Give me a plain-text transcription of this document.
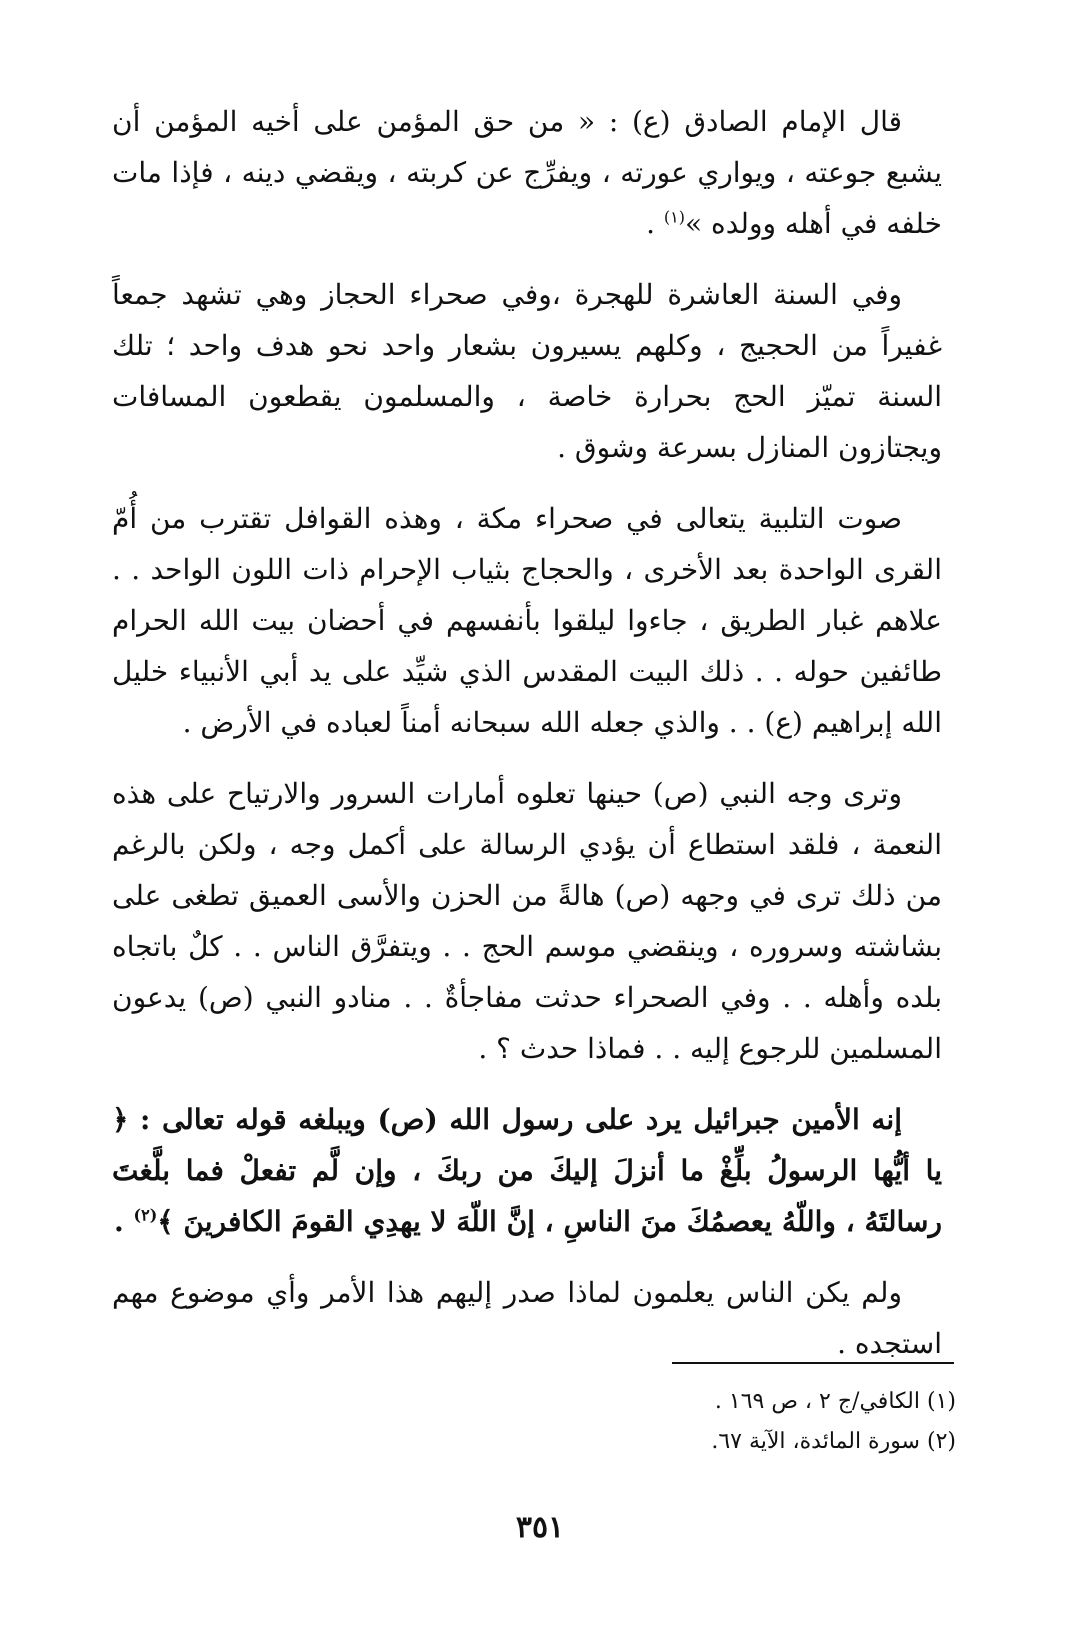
قال الإمام الصادق (ع) : « من حق المؤمن على أخيه المؤمن أن يشبع جوعته ، ويواري عورته ، ويفرِّج عن كربته ، ويقضي دينه ، فإذا مات خلفه في أهله وولده »$^{(١)}$ .

وفي السنة العاشرة للهجرة ،وفي صحراء الحجاز وهي تشهد جمعاً غفيراً من الحجيج ، وكلهم يسيرون بشعار واحد نحو هدف واحد ؛ تلك السنة تميّز الحج بحرارة خاصة ، والمسلمون يقطعون المسافات ويجتازون المنازل بسرعة وشوق .

صوت التلبية يتعالى في صحراء مكة ، وهذه القوافل تقترب من أُمّ القرى الواحدة بعد الأخرى ، والحجاج بثياب الإحرام ذات اللون الواحد . . علاهم غبار الطريق ، جاءوا ليلقوا بأنفسهم في أحضان بيت الله الحرام طائفين حوله . . ذلك البيت المقدس الذي شيِّد على يد أبي الأنبياء خليل الله إبراهيم (ع) . . والذي جعله الله سبحانه أمناً لعباده في الأرض .

وترى وجه النبي (ص) حينها تعلوه أمارات السرور والارتياح على هذه النعمة ، فلقد استطاع أن يؤدي الرسالة على أكمل وجه ، ولكن بالرغم من ذلك ترى في وجهه (ص) هالةً من الحزن والأسى العميق تطغى على بشاشته وسروره ، وينقضي موسم الحج . . ويتفرَّق الناس . . كلٌ باتجاه بلده وأهله . . وفي الصحراء حدثت مفاجأةٌ . . منادو النبي (ص) يدعون المسلمين للرجوع إليه . . فماذا حدث ؟ .

إنه الأمين جبرائيل يرد على رسول الله (ص) ويبلغه قوله تعالى : ﴿ يا أيُّها الرسولُ بلِّغْ ما أنزلَ إليكَ من ربكَ ، وإن لَّم تفعلْ فما بلَّغتَ رسالتَهُ ، واللّهُ يعصمُكَ منَ الناسِ ، إنَّ اللّهَ لا يهدِي القومَ الكافرينَ ﴾$^{(٢)}$ .

ولم يكن الناس يعلمون لماذا صدر إليهم هذا الأمر وأي موضوع مهم استجده .

(١) الكافي/ج ٢ ، ص ١٦٩ .

(٢) سورة المائدة، الآية ٦٧.

٣٥١
